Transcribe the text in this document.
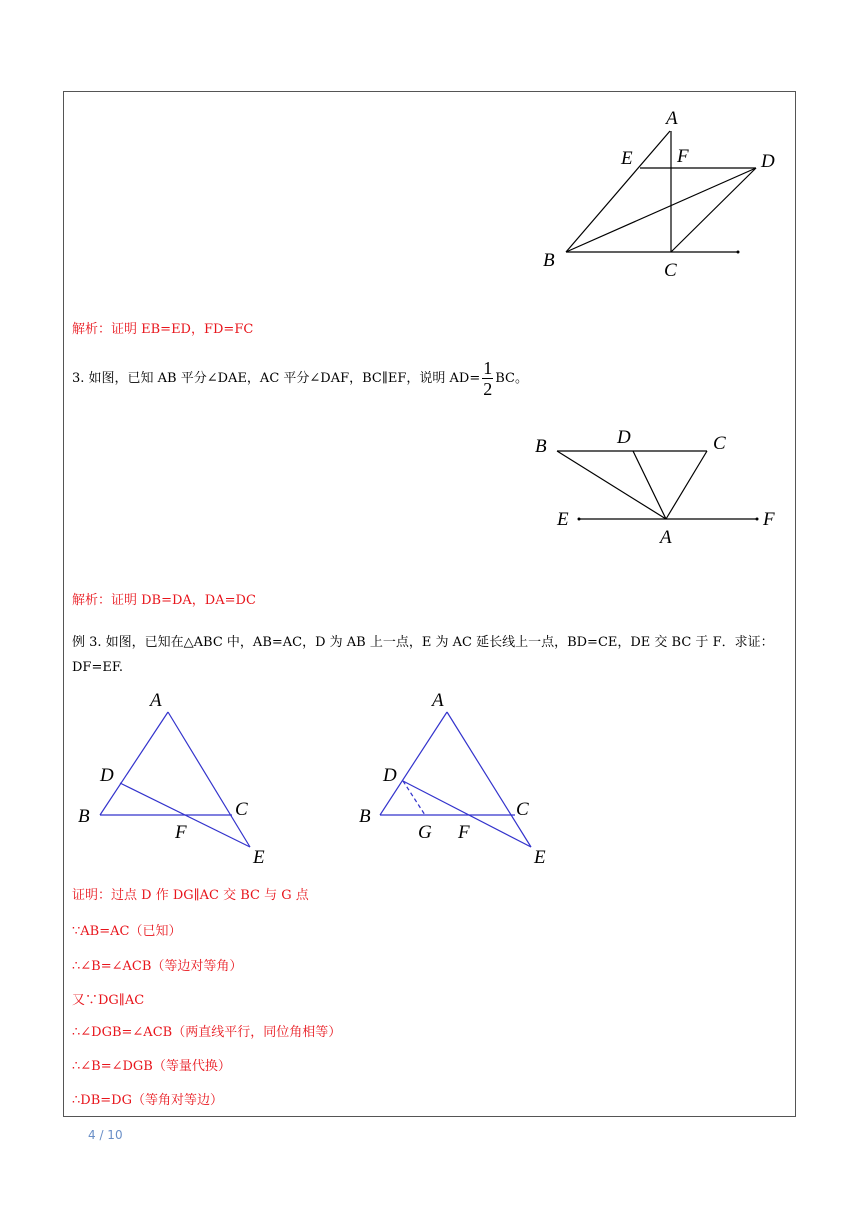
A
E F	D
B	C
解析：证明 EB=ED，FD=FC
3. 如图，已知 AB 平分∠DAE，AC 平分∠DAF，BC∥EF，说明 $AD= \frac{1}{2}$ BC。
B	D	C
E
A
F
解析：证明 DB=DA，DA=DC
例 3. 如图，已知在△ABC 中，AB=AC，D 为 AB 上一点，E 为 AC 延长线上一点，BD=CE，DE 交 BC 于 F．求证：DF=EF.
A
D
B	C
F
E
A
D
B
G F
C
E
证明：过点 D 作 DG∥AC 交 BC 与 G 点
∵AB=AC（已知）
∴∠B=∠ACB（等边对等角）
又∵DG∥AC
∴∠DGB=∠ACB（两直线平行，同位角相等）
∴∠B=∠DGB（等量代换）
∴DB=DG（等角对等边）
4 / 10
